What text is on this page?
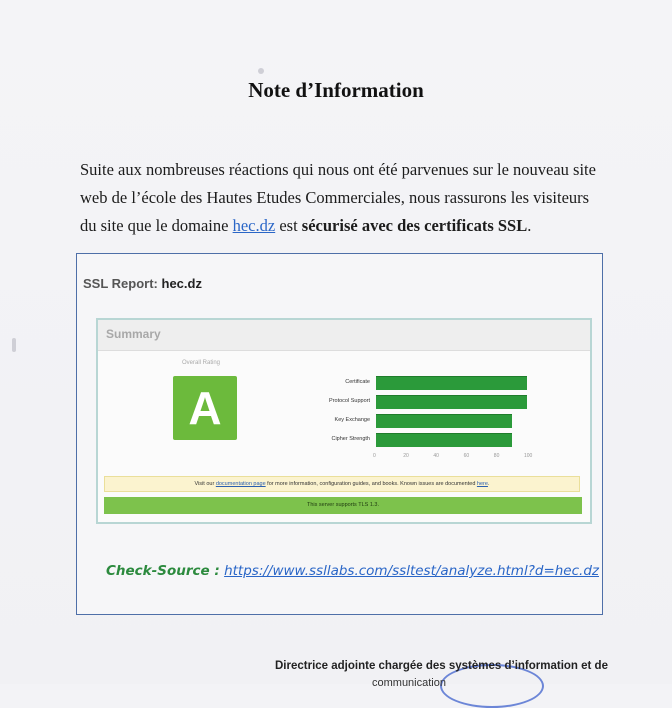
Note d’Information
Suite aux nombreuses réactions qui nous ont été parvenues sur le nouveau site web de l’école des Hautes Etudes Commerciales, nous rassurons les visiteurs du site que le domaine hec.dz est sécurisé avec des certificats SSL.
SSL Report: hec.dz
Summary
Overall Rating
A	Certificate
Protocol Support
Key Exchange
Cipher Strength
0	20	40	60	80	100
Visit our documentation page for more information, configuration guides, and books. Known issues are documented here.
This server supports TLS 1.3.
Check-Source : https://www.ssllabs.com/ssltest/analyze.html?d=hec.dz
Directrice adjointe chargée des systèmes d’information et de
communication
